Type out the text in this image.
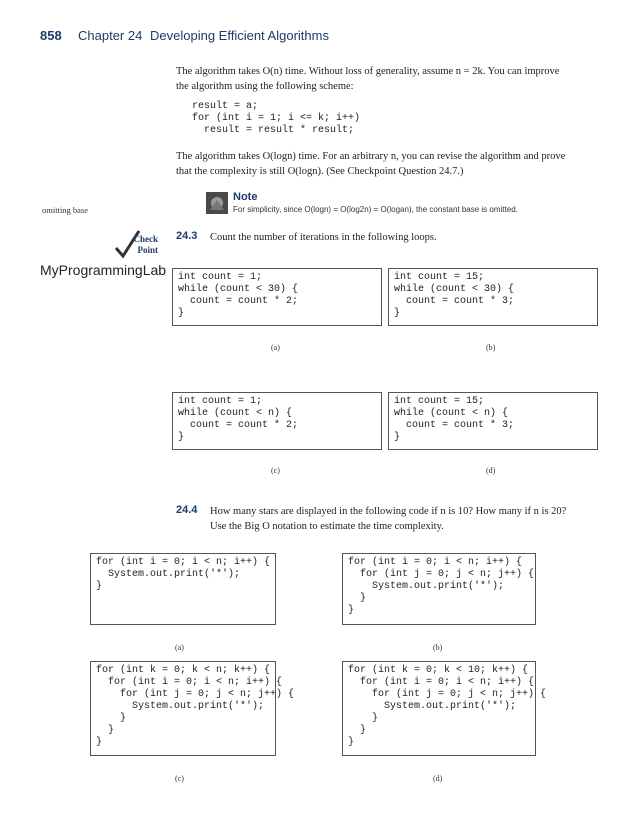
858 Chapter 24 Developing Efficient Algorithms
The algorithm takes O(n) time. Without loss of generality, assume n = 2k. You can improve
the algorithm using the following scheme:
result = a;
for (int i = 1; i <= k; i++)
result = result * result;
The algorithm takes O(logn) time. For an arbitrary n, you can revise the algorithm and prove
that the complexity is still O(logn). (See Checkpoint Question 24.7.)
Note
For simplicity, since O(logn) = O(log2n) = O(logan), the constant base is omitted.
omitting base
Check
Point
MyProgrammingLab
24.3 Count the number of iterations in the following loops.
int count = 1;
while (count < 30) {
count = count * 2;
}
(a)
int count = 15;
while (count < 30) {
count = count * 3;
}
(b)
int count = 1;
while (count < n) {
count = count * 2;
}
(c)
int count = 15;
while (count < n) {
count = count * 3;
}
(d)
24.4 How many stars are displayed in the following code if n is 10? How many if n is 20?
Use the Big O notation to estimate the time complexity.
for (int i = 0; i < n; i++) {
System.out.print('*');
}
(a)
for (int i = 0; i < n; i++) {
for (int j = 0; j < n; j++) {
System.out.print('*');
}
}
(b)
for (int k = 0; k < n; k++) {
for (int i = 0; i < n; i++) {
for (int j = 0; j < n; j++) {
System.out.print('*');
}
}
}
(c)
for (int k = 0; k < 10; k++) {
for (int i = 0; i < n; i++) {
for (int j = 0; j < n; j++) {
System.out.print('*');
}
}
}
(d)
